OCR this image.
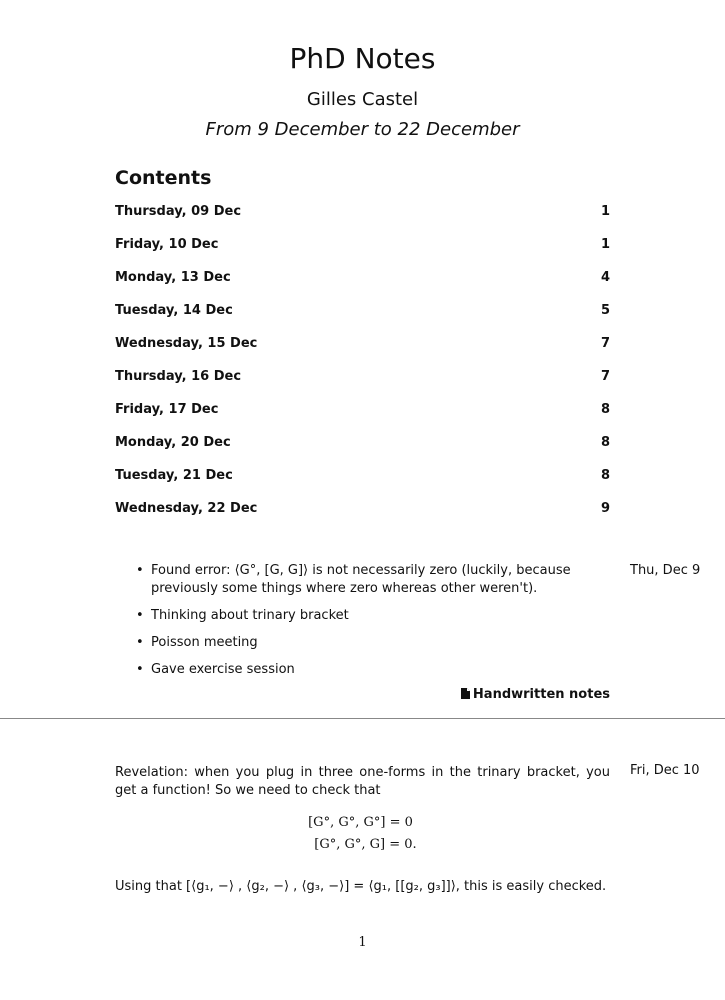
PhD Notes
Gilles Castel
From 9 December to 22 December
Contents
Thursday, 09 Dec	1
Friday, 10 Dec	1
Monday, 13 Dec	4
Tuesday, 14 Dec	5
Wednesday, 15 Dec	7
Thursday, 16 Dec	7
Friday, 17 Dec	8
Monday, 20 Dec	8
Tuesday, 21 Dec	8
Wednesday, 22 Dec	9
Thu, Dec 9
• Found error: ⟨G°, [G, G]⟩ is not necessarily zero (luckily, because previously some things where zero whereas other weren't).
• Thinking about trinary bracket
• Poisson meeting
• Gave exercise session
Handwritten notes
Fri, Dec 10
Revelation: when you plug in three one-forms in the trinary bracket, you get a function! So we need to check that
[G°, G°, G°] = 0
[G°, G°, G] = 0.
Using that [⟨g₁, −⟩ , ⟨g₂, −⟩ , ⟨g₃, −⟩] = ⟨g₁, [[g₂, g₃]]⟩, this is easily checked.
1
